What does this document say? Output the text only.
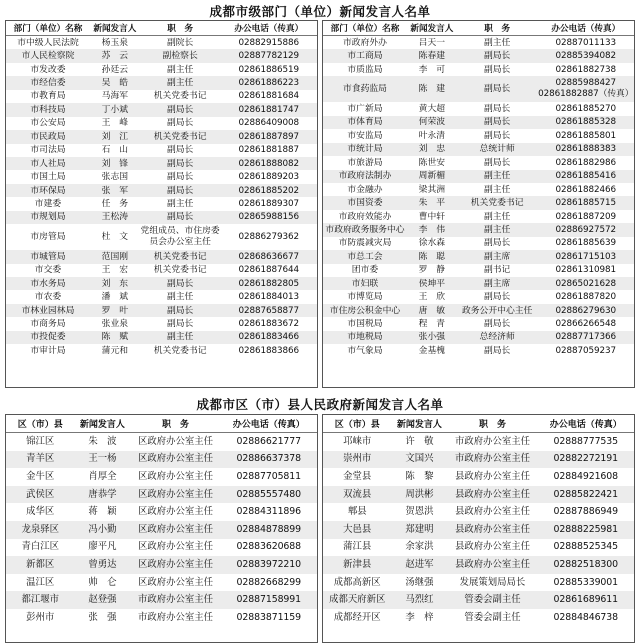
成都市级部门（单位）新闻发言人名单
部门（单位）名称	新闻发言人	职　务	办公电话（传真）
市中级人民法院	杨玉泉	副院长	02882915886
市人民检察院	苏　云	副检察长	02887782129
市发改委	孙廷云	副主任	02861886519
市经信委	吴　皓	副主任	02861886223
市教育局	马海军	机关党委书记	02861881684
市科技局	丁小斌	副局长	02861881747
市公安局	王　峰	副局长	02886409008
市民政局	刘　江	机关党委书记	02861887897
市司法局	石　山	副局长	02861881887
市人社局	刘　锋	副局长	02861888082
市国土局	张志国	副局长	02861889203
市环保局	张　军	副局长	02861885202
市建委	任　务	副主任	02861889307
市规划局	王松涛	副局长	02865988156
市房管局	杜　文	党组成员、市住房委员会办公室主任	02886279362
市城管局	范国刚	机关党委书记	02868636677
市交委	王　宏	机关党委书记	02861887644
市水务局	刘　东	副局长	02861882805
市农委	潘　斌	副主任	02861884013
市林业园林局	罗　叶	副局长	02887658877
市商务局	张业泉	副局长	02861883672
市投促委	陈　赋	副主任	02861883466
市审计局	蒲元和	机关党委书记	02861883866
部门（单位）名称	新闻发言人	职　务	办公电话（传真）
市政府外办	吕天一	副主任	02887011133
市工商局	陈春建	副局长	02885394082
市质监局	李　可	副局长	02861882738
市食药监局	陈　建	副局长	02885988427　02861882887（传真）
市广新局	黄大超	副局长	02861885270
市体育局	何荣波	副局长	02861885328
市安监局	叶永清	副局长	02861885801
市统计局	刘　忠	总统计师	02861888383
市旅游局	陈世安	副局长	02861882986
市政府法制办	周新楣	副主任	02861885416
市金融办	梁其洲	副主任	02861882466
市国资委	朱　平	机关党委书记	02861885715
市政府效能办	曹中轩	副主任	02861887209
市政府政务服务中心	李　伟	副主任	02886927572
市防震减灾局	徐水森	副局长	02861885639
市总工会	陈　聪	副主席	02861715103
团市委	罗　静	副书记	02861310981
市妇联	侯坤平	副主席	02865021628
市博览局	王　欣	副局长	02861887820
市住房公积金中心	唐　敏	政务公开中心主任	02886279630
市国税局	程　青	副局长	02866266548
市地税局	张小强	总经济师	02887717366
市气象局	金基槐	副局长	02887059237
成都市区（市）县人民政府新闻发言人名单
区（市）县	新闻发言人	职　务	办公电话（传真）
锦江区	朱　波	区政府办公室主任	02886621777
青羊区	王一杨	区政府办公室主任	02886637378
金牛区	肖厚全	区政府办公室主任	02887705811
武侯区	唐恭学	区政府办公室主任	02885557480
成华区	蒋　颖	区政府办公室主任	02884311896
龙泉驿区	冯小勤	区政府办公室主任	02884878899
青白江区	廖平凡	区政府办公室主任	02883620688
新都区	曾勇达	区政府办公室主任	02883972210
温江区	帅　仑	区政府办公室主任	02882668299
都江堰市	赵登强	市政府办公室主任	02887158991
彭州市	张　强	市政府办公室主任	02883871159
区（市）县	新闻发言人	职　务	办公电话（传真）
邛崃市	许　敬	市政府办公室主任	02888777535
崇州市	文国兴	市政府办公室主任	02882272191
金堂县	陈　黎	县政府办公室主任	02884921608
双流县	周洪彬	县政府办公室主任	02885822421
郫县	贺恩洪	县政府办公室主任	02887886949
大邑县	郑建明	县政府办公室主任	02888225981
蒲江县	余家洪	县政府办公室主任	02888525345
新津县	赵进军	县政府办公室主任	02882518300
成都高新区	汤继强	发展策划局局长	02885339001
成都天府新区	马烈红	管委会副主任	02861689611
成都经开区	李　梓	管委会副主任	02884846738
